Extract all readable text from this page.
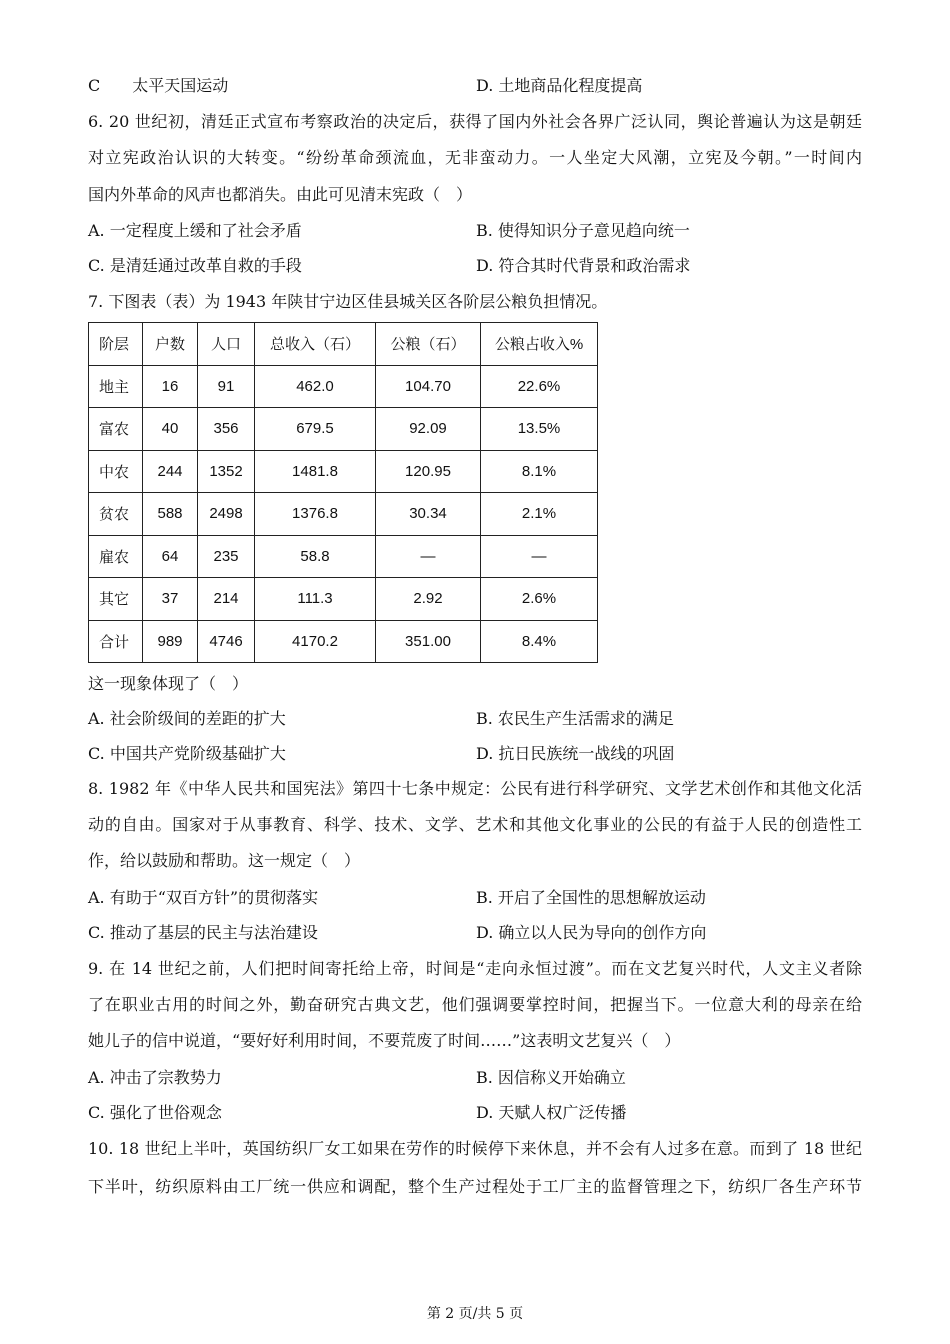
C　　太平天国运动	D. 土地商品化程度提高
6. 20 世纪初，清廷正式宣布考察政治的决定后，获得了国内外社会各界广泛认同，舆论普遍认为这是朝廷
对立宪政治认识的大转变。“纷纷革命颈流血，无非蛮动力。一人坐定大风潮，立宪及今朝。”一时间内
国内外革命的风声也都消失。由此可见清末宪政（　）
A. 一定程度上缓和了社会矛盾	B. 使得知识分子意见趋向统一
C. 是清廷通过改革自救的手段	D. 符合其时代背景和政治需求
7. 下图表（表）为 1943 年陕甘宁边区佳县城关区各阶层公粮负担情况。
阶层	户数	人口	总收入（石）	公粮（石）	公粮占收入%
地主	16	91	462.0	104.70	22.6%
富农	40	356	679.5	92.09	13.5%
中农	244	1352	1481.8	120.95	8.1%
贫农	588	2498	1376.8	30.34	2.1%
雇农	64	235	58.8	—	—
其它	37	214	111.3	2.92	2.6%
合计	989	4746	4170.2	351.00	8.4%
这一现象体现了（　）
A. 社会阶级间的差距的扩大	B. 农民生产生活需求的满足
C. 中国共产党阶级基础扩大	D. 抗日民族统一战线的巩固
8. 1982 年《中华人民共和国宪法》第四十七条中规定：公民有进行科学研究、文学艺术创作和其他文化活
动的自由。国家对于从事教育、科学、技术、文学、艺术和其他文化事业的公民的有益于人民的创造性工
作，给以鼓励和帮助。这一规定（　）
A. 有助于“双百方针”的贯彻落实	B. 开启了全国性的思想解放运动
C. 推动了基层的民主与法治建设	D. 确立以人民为导向的创作方向
9. 在 14 世纪之前，人们把时间寄托给上帝，时间是“走向永恒过渡”。而在文艺复兴时代，人文主义者除
了在职业古用的时间之外，勤奋研究古典文艺，他们强调要掌控时间，把握当下。一位意大利的母亲在给
她儿子的信中说道，“要好好利用时间，不要荒废了时间……”这表明文艺复兴（　）
A. 冲击了宗教势力	B. 因信称义开始确立
C. 强化了世俗观念	D. 天赋人权广泛传播
10. 18 世纪上半叶，英国纺织厂女工如果在劳作的时候停下来休息，并不会有人过多在意。而到了 18 世纪
下半叶，纺织原料由工厂统一供应和调配，整个生产过程处于工厂主的监督管理之下，纺织厂各生产环节
第 2 页/共 5 页
